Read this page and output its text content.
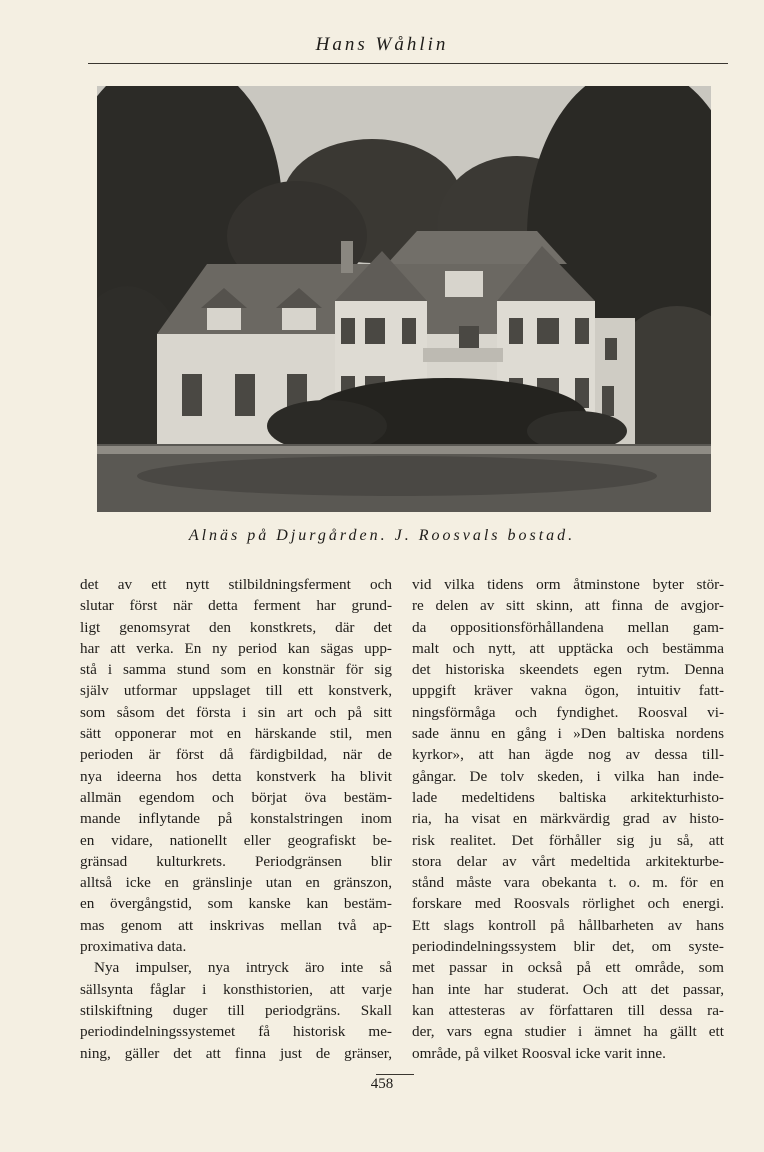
Hans Wåhlin
Alnäs på Djurgården. J. Roosvals bostad.
det av ett nytt stilbildningsferment och
slutar först när detta ferment har grund-
ligt genomsyrat den konstkrets, där det
har att verka. En ny period kan sägas upp-
stå i samma stund som en konstnär för sig
själv utformar uppslaget till ett konstverk,
som såsom det första i sin art och på sitt
sätt opponerar mot en härskande stil, men
perioden är först då färdigbildad, när de
nya ideerna hos detta konstverk ha blivit
allmän egendom och börjat öva bestäm-
mande inflytande på konstalstringen inom
en vidare, nationellt eller geografiskt be-
gränsad kulturkrets. Periodgränsen blir
alltså icke en gränslinje utan en gränszon,
en övergångstid, som kanske kan bestäm-
mas genom att inskrivas mellan två ap-
proximativa data.
Nya impulser, nya intryck äro inte så
sällsynta fåglar i konsthistorien, att varje
stilskiftning duger till periodgräns. Skall
periodindelningssystemet få historisk me-
ning, gäller det att finna just de gränser,
vid vilka tidens orm åtminstone byter stör-
re delen av sitt skinn, att finna de avgjor-
da oppositionsförhållandena mellan gam-
malt och nytt, att upptäcka och bestämma
det historiska skeendets egen rytm. Denna
uppgift kräver vakna ögon, intuitiv fatt-
ningsförmåga och fyndighet. Roosval vi-
sade ännu en gång i »Den baltiska nordens
kyrkor», att han ägde nog av dessa till-
gångar. De tolv skeden, i vilka han inde-
lade medeltidens baltiska arkitekturhisto-
ria, ha visat en märkvärdig grad av histo-
risk realitet. Det förhåller sig ju så, att
stora delar av vårt medeltida arkitekturbe-
stånd måste vara obekanta t. o. m. för en
forskare med Roosvals rörlighet och energi.
Ett slags kontroll på hållbarheten av hans
periodindelningssystem blir det, om syste-
met passar in också på ett område, som
han inte har studerat. Och att det passar,
kan attesteras av författaren till dessa ra-
der, vars egna studier i ämnet ha gällt ett
område, på vilket Roosval icke varit inne.
458
